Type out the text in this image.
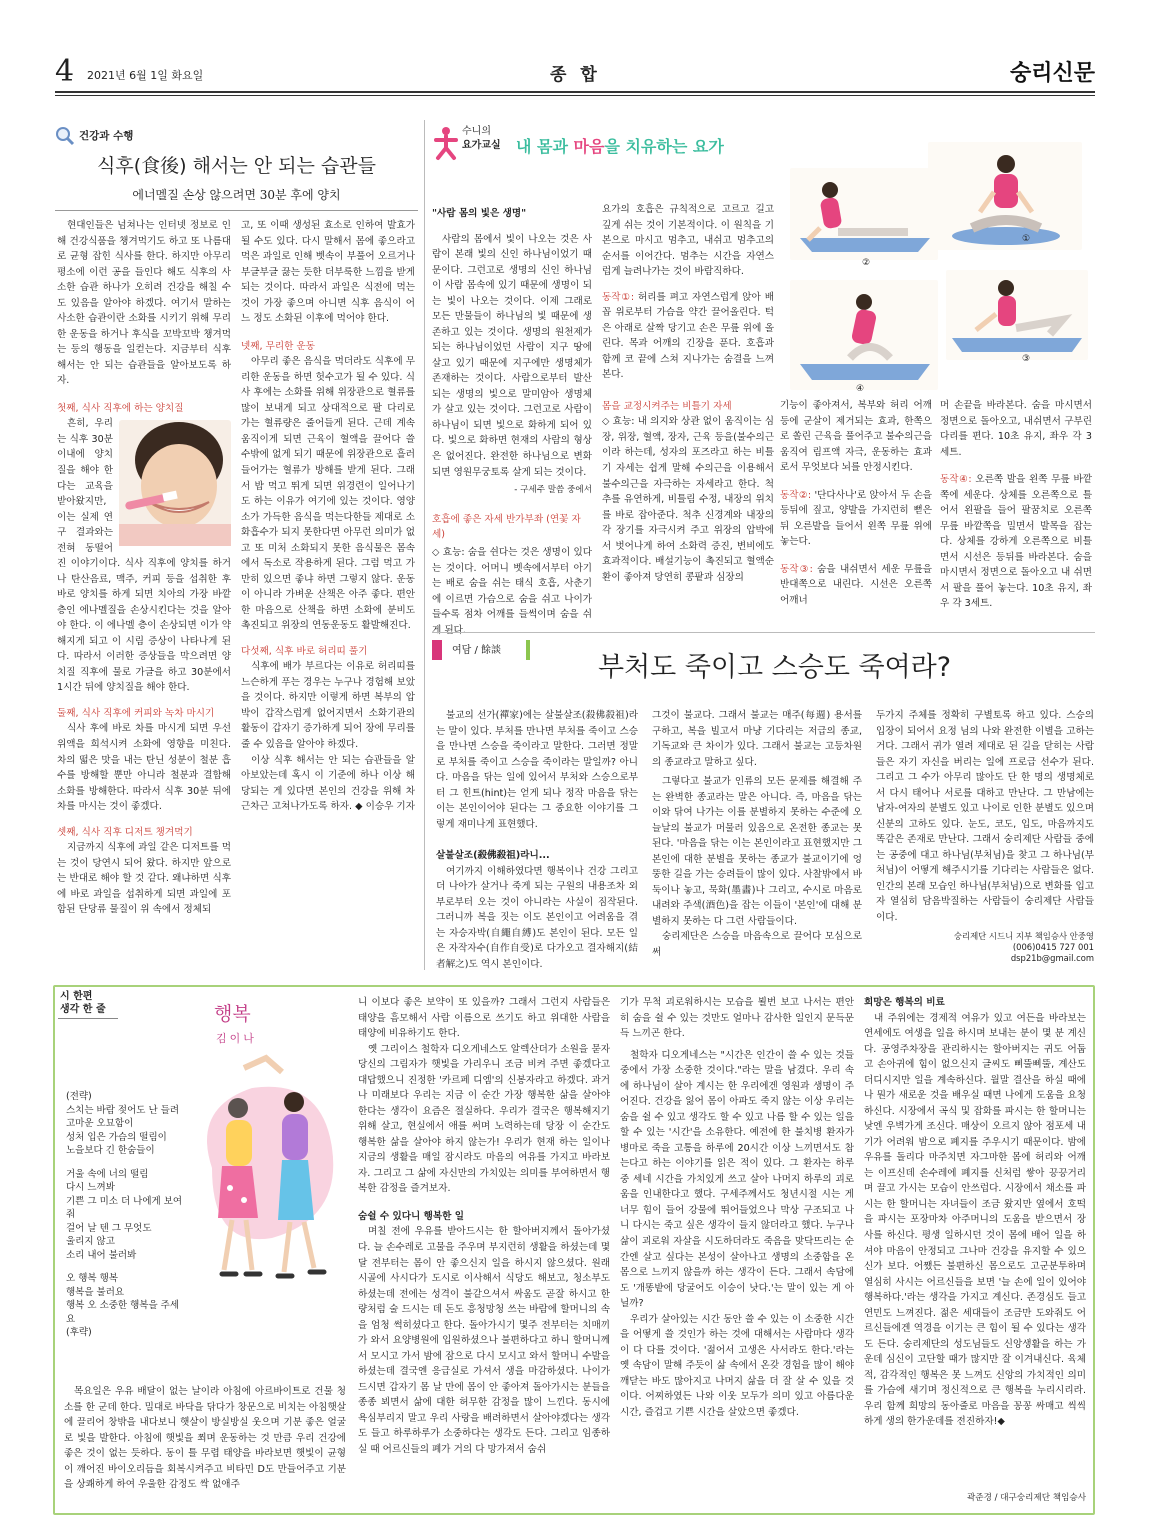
4 2021년 6월 1일 화요일	종 합	숭리신문
건강과 수행
식후(食後) 해서는 안 되는 습관들
에너멜질 손상 않으려면 30분 후에 양치

현대인들은 넘쳐나는 인터넷 정보로 인해 건강식품을 챙겨먹기도 하고 또 나름대로 균형 잡힌 식사를 한다. 하지만 아무리 평소에 이런 공을 들인다 해도 식후의 사소한 습관 하나가 오히려 건강을 해칠 수도 있음을 알아야 하겠다. 여기서 말하는 사소한 습관이란 소화를 시키기 위해 무리한 운동을 하거나 후식을 꼬박꼬박 챙겨먹는 등의 행동을 일컫는다. 지금부터 식후 해서는 안 되는 습관들을 알아보도록 하자.

첫째, 식사 직후에 하는 양치질

흔히, 우리는 식후 30분 이내에 양치질을 해야 한다는 교육을 받아왔지만, 이는 실제 연구 결과와는 전혀 동떨어진 이야기이다. 식사 직후에 양치를 하거나 탄산음료, 맥주, 커피 등을 섭취한 후 바로 양치를 하게 되면 치아의 가장 바깥층인 에나멜질을 손상시킨다는 것을 알아야 한다. 이 에나멜 층이 손상되면 이가 약해지게 되고 이 시림 증상이 나타나게 된다. 따라서 이러한 증상들을 막으려면 양치질 직후에 물로 가글을 하고 30분에서 1시간 뒤에 양치질을 해야 한다.

둘째, 식사 직후에 커피와 녹차 마시기

식사 후에 바로 차를 마시게 되면 우선 위액을 희석시켜 소화에 영향을 미친다. 차의 떫은 맛을 내는 탄닌 성분이 철분 흡수를 방해할 뿐만 아니라 철분과 결합해 소화를 방해한다. 따라서 식후 30분 뒤에 차를 마시는 것이 좋겠다.

셋째, 식사 직후 디저트 챙겨먹기

지금까지 식후에 과일 같은 디저트를 먹는 것이 당연시 되어 왔다. 하지만 앞으로는 반대로 해야 할 것 같다. 왜냐하면 식후에 바로 과일을 섭취하게 되면 과일에 포함된 단당류 물질이 위 속에서 정체되

고, 또 이때 생성된 효소로 인하여 발효가 될 수도 있다. 다시 말해서 몸에 좋으라고 먹은 과일로 인해 벳속이 부풀어 오르거나 부글부글 끓는 듯한 더부룩한 느낌을 받게 되는 것이다. 따라서 과일은 식전에 먹는 것이 가장 좋으며 아니면 식후 음식이 어느 정도 소화된 이후에 먹어야 한다.

넷째, 무리한 운동

아무리 좋은 음식을 먹더라도 식후에 무리한 운동을 하면 헛수고가 될 수 있다. 식사 후에는 소화를 위해 위장관으로 혈류를 많이 보내게 되고 상대적으로 팔 다리로 가는 혈류량은 줄어들게 된다. 근데 계속 움직이게 되면 근육이 혈액을 끌어다 쓸 수밖에 없게 되기 때문에 위장관으로 흘러들어가는 혈류가 방해를 받게 된다. 그래서 밥 먹고 뛰게 되면 위경련이 일어나기도 하는 이유가 여기에 있는 것이다. 영양소가 가득한 음식을 먹는다한들 제대로 소화흡수가 되지 못한다면 아무런 의미가 없고 또 미처 소화되지 못한 음식물은 몸속에서 독소로 작용하게 된다. 그럼 먹고 가만히 있으면 좋냐 하면 그렇지 않다. 운동이 아니라 가벼운 산책은 아주 좋다. 편안한 마음으로 산책을 하면 소화에 분비도 촉진되고 위장의 연동운동도 활발해진다.

다섯째, 식후 바로 허리띠 풀기

식후에 배가 부르다는 이유로 허리띠를 느슨하게 푸는 경우는 누구나 경험해 보았을 것이다. 하지만 이렇게 하면 복부의 압박이 갑작스럽게 없어지면서 소화기관의 활동이 갑자기 증가하게 되어 장에 무리를 줄 수 있음을 알아야 하겠다.

이상 식후 해서는 안 되는 습관들을 알아보았는데 혹시 이 기준에 하나 이상 해당되는 게 있다면 본인의 건강을 위해 차근차근 고쳐나가도록 하자. ◆ 이승우 기자

수니의
요가교실 내 몸과 마음을 치유하는 요가
①
②
③
④

"사람 몸의 빛은 생명"

사람의 몸에서 빛이 나오는 것은 사람이 본래 빛의 신인 하나님이었기 때문이다. 그런고로 생명의 신인 하나님이 사람 몸속에 있기 때문에 생명이 되는 빛이 나오는 것이다. 이제 그래로 모든 만물들이 하나님의 빛 때문에 생존하고 있는 것이다. 생명의 원천제가 되는 하나님이었던 사람이 지구 땅에 살고 있기 때문에 지구에만 생명체가 존재하는 것이다. 사람으로부터 발산되는 생명의 빛으로 말미암아 생명체가 살고 있는 것이다. 그런고로 사람이 하나님이 되면 빛으로 화하게 되어 있다. 빛으로 화하면 현재의 사람의 형상은 없어진다. 완전한 하나님으로 변화되면 영원무궁토록 살게 되는 것이다.

- 구세주 말씀 중에서

호흡에 좋은 자세 반가부좌 (연꽃 자세)

◇ 효능: 숨을 쉰다는 것은 생명이 있다는 것이다. 어머니 벳속에서부터 아기는 배로 숨을 쉬는 태식 호흡, 사춘기에 이르면 가슴으로 숨을 쉬고 나이가 들수록 점차 어깨를 들썩이며 숨을 쉬게 된다.

요가의 호흡은 규칙적으로 고르고 길고 깊게 쉬는 것이 기본적이다. 이 원칙을 기본으로 마시고 멈추고, 내쉬고 멈추고의 순서를 이어간다. 멈추는 시간을 자연스럽게 늘려나가는 것이 바람직하다.

동작①: 허리를 펴고 자연스럽게 앉아 배꼽 위로부터 가슴을 약간 끌어올린다. 턱은 아래로 살짝 당기고 손은 무릎 위에 올린다. 목과 어깨의 긴장을 푼다. 호흡과 함께 코 끝에 스쳐 지나가는 숨결을 느껴본다.

몸을 교정시켜주는 비틀기 자세

◇ 효능: 내 의지와 상관 없이 움직이는 심장, 위장, 혈액, 장자, 근육 등을(불수의근이라 하는데, 성자의 포즈라고 하는 비틀기 자세는 쉽게 말해 수의근을 이용해서 불수의근을 자극하는 자세라고 한다. 척추를 유연하게, 비틀림 수정, 내장의 위치를 바로 잡아준다. 척추 신경계와 내장의 각 장기를 자극시켜 주고 위장의 압박에서 벗어나게 하여 소화력 증진, 변비에도 효과적이다. 배설기능이 촉진되고 혈액순환이 좋아져 당연히 콩팥과 심장의

기능이 좋아져서, 복부와 허리 어깨 등에 군살이 제거되는 효과, 한쪽으로 쏠린 근육을 풀어주고 불수의근을 움직여 림프액 자극, 운동하는 효과로서 무엇보다 뇌를 안정시킨다.

동작②: '단다사나'로 앉아서 두 손을 등뒤에 짚고, 양발을 가지런히 뻗은 뒤 오른발을 들어서 왼쪽 무릎 위에 놓는다.

동작③: 숨을 내쉬면서 세운 무릎을 반대쪽으로 내린다. 시선은 오른쪽 어깨너

머 손끝을 바라본다. 숨을 마시면서 정면으로 돌아오고, 내쉬면서 구부린 다리를 편다. 10초 유지, 좌우 각 3세트.

동작④: 오른쪽 발을 왼쪽 무릎 바깥쪽에 세운다. 상체를 오른쪽으로 틀어서 왼팔을 들어 팔꿈치로 오른쪽 무릎 바깥쪽을 밀면서 발목을 잡는다. 상체를 강하게 오른쪽으로 비틀면서 시선은 등뒤를 바라본다. 숨을 마시면서 정면으로 돌아오고 내 쉬면서 팔을 풀어 놓는다. 10초 유지, 좌우 각 3세트.

여담 / 餘談
부처도 죽이고 스승도 죽여라?

불교의 선가(禪家)에는 살불살조(殺佛殺祖)라는 말이 있다. 부처를 만나면 부처를 죽이고 스승을 만나면 스승을 죽이라고 말한다. 그러면 정말로 부처를 죽이고 스승을 죽이라는 말일까? 아니다. 마음을 닦는 일에 있어서 부처와 스승으로부터 그 힌트(hint)는 얻게 되나 정작 마음을 닦는 이는 본인이어야 된다는 그 중요한 이야기를 그렇게 재미나게 표현했다.

살불살조(殺佛殺祖)라니...

여기까지 이해하였다면 행복이나 건강 그리고 더 나아가 살거나 죽게 되는 구원의 내용조차 외부로부터 오는 것이 아니라는 사실이 짐작된다. 그러니까 복을 짓는 이도 본인이고 어려움을 겪는 자승자박(自繩自縛)도 본인이 된다. 모든 일은 자작자수(自作自受)로 다가오고 결자해지(結者解之)도 역시 본인이다.

그것이 불교다. 그래서 불교는 매주(每週) 용서를 구하고, 복을 빌고서 마냥 기다리는 저급의 종교, 기독교와 큰 차이가 있다. 그래서 불교는 고등차원의 종교라고 말하고 싶다.

그렇다고 불교가 인류의 모든 문제를 해결해 주는 완벽한 종교라는 말은 아니다. 즉, 마음을 닦는 이와 닦여 나가는 이를 분별하지 못하는 수준에 오늘날의 불교가 머물러 있음으로 온전한 종교는 못 된다. '마음을 닦는 이는 본인이라고 표현했지만 그 본인에 대한 분별을 못하는 종교가 불교이기에 엉뚱한 길을 가는 승려들이 많이 있다. 사찰밖에서 바둑이나 놓고, 묵화(墨畵)나 그리고, 수시로 마음로 내려와 주색(酒色)을 잡는 이들이 '본인'에 대해 분별하지 못하는 다 그런 사람들이다.

숭리제단은 스승을 마음속으로 끌어다 모심으로써

두가지 주체를 정확히 구별토록 하고 있다. 스승의 입장이 되어서 요정 님의 나와 완전한 이별을 고하는 거다. 그래서 귀가 열려 제대로 된 길을 닫히는 사람들은 자기 자신을 버리는 일에 프로급 선수가 된다. 그리고 그 수가 아무리 많아도 단 한 명의 생명체로서 다시 태어나 서로를 대하고 만난다. 그 만남에는 남자-여자의 분별도 있고 나이로 인한 분별도 있으며 신분의 고하도 있다. 눈도, 코도, 입도, 마음까지도 똑같은 존재로 만난다. 그래서 숭리제단 사람들 중에는 공중에 대고 하나님(부처님)을 찾고 그 하나님(부처님)이 어떻게 해주시기를 기다리는 사람들은 없다. 인간의 본래 모습인 하나님(부처님)으로 변화를 입고자 열심히 담음박질하는 사람들이 숭리제단 사람들이다.

숭리제단 시드니 지부 책임승사 안중영

(006)0415 727 001

dsp21b@gmail.com

시 한편
생각 한 줄	행복
김이나
(전략)
스치는 바람 젖어도 난 들려
고마운 오묘함이
성처 입은 가슴의 떨림이
노을보다 긴 한숨들이
거울 속에 너의 떨림
다시 느껴봐
기쁜 그 미소 더 나에게 보여줘
걸어 날 텐 그 무엇도
울리지 않고
소리 내어 불러봐
오 행복 행복
행복을 불러요
행복 오 소중한 행복을 주세요
(후략)

목요일은 우유 배달이 없는 날이라 아침에 아르바이트로 건물 청소를 한 군데 한다. 밀대로 바닥을 닦다가 창문으로 비치는 아침햇살에 끌리어 창밖을 내다보니 햇살이 방실방실 웃으며 기분 좋은 얼굴로 빛을 발한다. 아침에 햇빛을 쬐며 운동하는 것 만큼 우리 건강에 좋은 것이 없는 듯하다. 동이 틀 무렵 태양을 바라보면 햇빛이 균형이 깨어진 바이오리듬을 회복시켜주고 비타민 D도 만들어주고 기분을 상쾌하게 하여 우울한 감정도 싹 없애주

니 이보다 좋은 보약이 또 있을까? 그래서 그런지 사람들은 태양을 흠모해서 사람 이름으로 쓰기도 하고 위대한 사람을 태양에 비유하기도 한다.

옛 그리이스 철학자 디오게네스도 알렉산더가 소원을 묻자 당신의 그림자가 햇빛을 가리우니 조금 비켜 주면 좋겠다고 대답했으니 진정한 '카르페 디엠'의 신봉자라고 하겠다. 과거나 미래보다 우리는 지금 이 순간 가장 행복한 삶을 살아야 한다는 생각이 요즘은 절실하다. 우리가 결국은 행복해지기 위해 살고, 현실에서 애를 써며 노력하는데 당장 이 순간도 행복한 삶을 살아야 하지 않는가! 우리가 현재 하는 일이나 지금의 생활을 매일 잠시라도 마음의 여유를 가지고 바라보자. 그리고 그 삶에 자신만의 가치있는 의미를 부여하면서 행복한 감정을 즐겨보자.

숨쉴 수 있다니 행복한 일

며칠 전에 우유를 받아드시는 한 할아버지께서 돌아가셨다. 늘 손수레로 고물을 주우며 부지런히 생활을 하셨는데 몇달 전부터는 몸이 안 좋으신지 일을 하시지 않으셨다. 원래 시골에 사시다가 도시로 이사해서 식당도 해보고, 청소부도 하셨는데 전에는 성격이 불같으셔서 싸움도 곧잘 하시고 한량처럼 술 드시는 데 돈도 흥청망청 쓰는 바람에 할머니의 속을 엄청 썩히셨다고 한다. 돌아가시기 몇주 전부터는 치매끼가 와서 요양병원에 입원하셨으나 불편하다고 하니 할머니께서 모시고 가서 밤에 잠으로 다시 모시고 와서 할머니 수발을 하셨는데 결국엔 응급실로 가셔서 생을 마감하셨다. 나이가 드시면 갑자기 몸 날 만에 몸이 안 좋아져 돌아가시는 분들을 종종 뵈면서 삶에 대한 허무한 감정을 많이 느낀다. 동시에 욕심부리지 말고 우리 사랑을 배려하면서 살아야겠다는 생각도 들고 하루하루가 소중하다는 생각도 든다. 그리고 임종하실 때 어르신들의 폐가 거의 다 망가져서 숨쉬

기가 무척 괴로워하시는 모습을 뵐번 보고 나서는 편안히 숨을 쉴 수 있는 것만도 얼마나 감사한 일인지 문득문득 느끼곤 한다.

철학자 디오게네스는 "시간은 인간이 쓸 수 있는 것들 중에서 가장 소중한 것이다."라는 말을 남겼다. 우리 속에 하나님이 살아 계시는 한 우리에겐 영원과 생명이 주어진다. 건강을 잃어 몸이 아파도 죽지 않는 이상 우리는 숨을 쉴 수 있고 생각도 할 수 있고 나름 할 수 있는 일을 할 수 있는 '시간'을 소유한다. 예전에 한 불치병 환자가 병마로 죽을 고통을 하루에 20시간 이상 느끼면서도 참는다고 하는 이야기를 읽은 적이 있다. 그 환자는 하루 중 세네 시간을 가치있게 쓰고 살아 나머지 하루의 괴로움을 인내한다고 했다. 구세주께서도 청년시절 시는 게 너무 힘이 들어 강물에 뛰어들었으나 막상 구조되고 나니 다시는 죽고 싶은 생각이 들지 않더라고 했다. 누구나 삶이 괴로워 자살을 시도하더라도 죽음을 맞닥뜨리는 순간엔 살고 싶다는 본성이 살아나고 생명의 소중함을 온몸으로 느끼지 않을까 하는 생각이 든다. 그래서 속담에도 '개똥밭에 당굴어도 이승이 낫다.'는 말이 있는 게 아닐까?

우리가 살아있는 시간 동안 쓸 수 있는 이 소중한 시간을 어떻게 쓸 것인가 하는 것에 대해서는 사람마다 생각이 다 다를 것이다. '젊어서 고생은 사서라도 한다.'라는 옛 속담이 말해 주듯이 삶 속에서 온갖 경험을 많이 해야 깨닫는 바도 많아지고 나머지 삶을 더 잘 살 수 있을 것이다. 어찌하였든 나와 이웃 모두가 의미 있고 아름다운 시간, 즐겁고 기쁜 시간을 살았으면 좋겠다.

희망은 행복의 비료

내 주위에는 경제적 여유가 있고 여든을 바라보는 연세에도 여생을 일을 하시며 보내는 분이 몇 분 계신다. 공영주차장을 관리하시는 할아버지는 귀도 어둡고 손아귀에 힘이 없으신지 글씨도 삐뚤삐뚤, 계산도 더디시지만 일을 계속하신다. 월말 결산을 하실 때에나 뭔가 새로운 것을 배우실 때면 나에게 도움을 요청하신다. 시장에서 곡식 및 잡화를 파시는 한 할머니는 낮엔 우벽가게 조신다. 매상이 오르지 않아 점포세 내기가 어려워 밤으로 폐지를 주우시기 때문이다. 밤에 우유를 돌리다 마주치면 자그마한 몸에 허리와 어깨는 이프신데 손수레에 폐지를 신처럼 쌓아 끙끙거리며 끌고 가시는 모습이 안쓰럽다. 시장에서 채소를 파시는 한 할머니는 자녀들이 조금 왔지만 옆에서 호떡을 파시는 포장마차 아주머니의 도움을 받으면서 장사를 하신다. 평생 일하시던 것이 몸에 배어 일을 하셔야 마음이 안정되고 그나마 건강을 유지할 수 있으신가 보다. 어쨌든 불편하신 몸으로도 고군분투하며 열심히 사시는 어르신들을 보면 '늘 손에 일이 있어야 행복하다.'라는 생각을 가지고 계신다. 존경심도 들고 연민도 느껴진다. 젊은 세대들이 조금만 도와줘도 어르신들에겐 역경을 이기는 큰 힘이 될 수 있다는 생각도 든다. 숭리제단의 성도님들도 신앙생활을 하는 가운데 심신이 고단할 때가 많지만 잘 이겨내신다. 육체적, 감각적인 행복은 못 느껴도 신앙의 가치적인 의미를 가슴에 새기며 정신적으로 큰 행복을 누리시리라. 우리 함께 희망의 동아줄로 마음을 꽁꽁 싸매고 씩씩하게 생의 한가운데를 전진하자!◆

곽준경 / 대구숭리제단 책임승사
